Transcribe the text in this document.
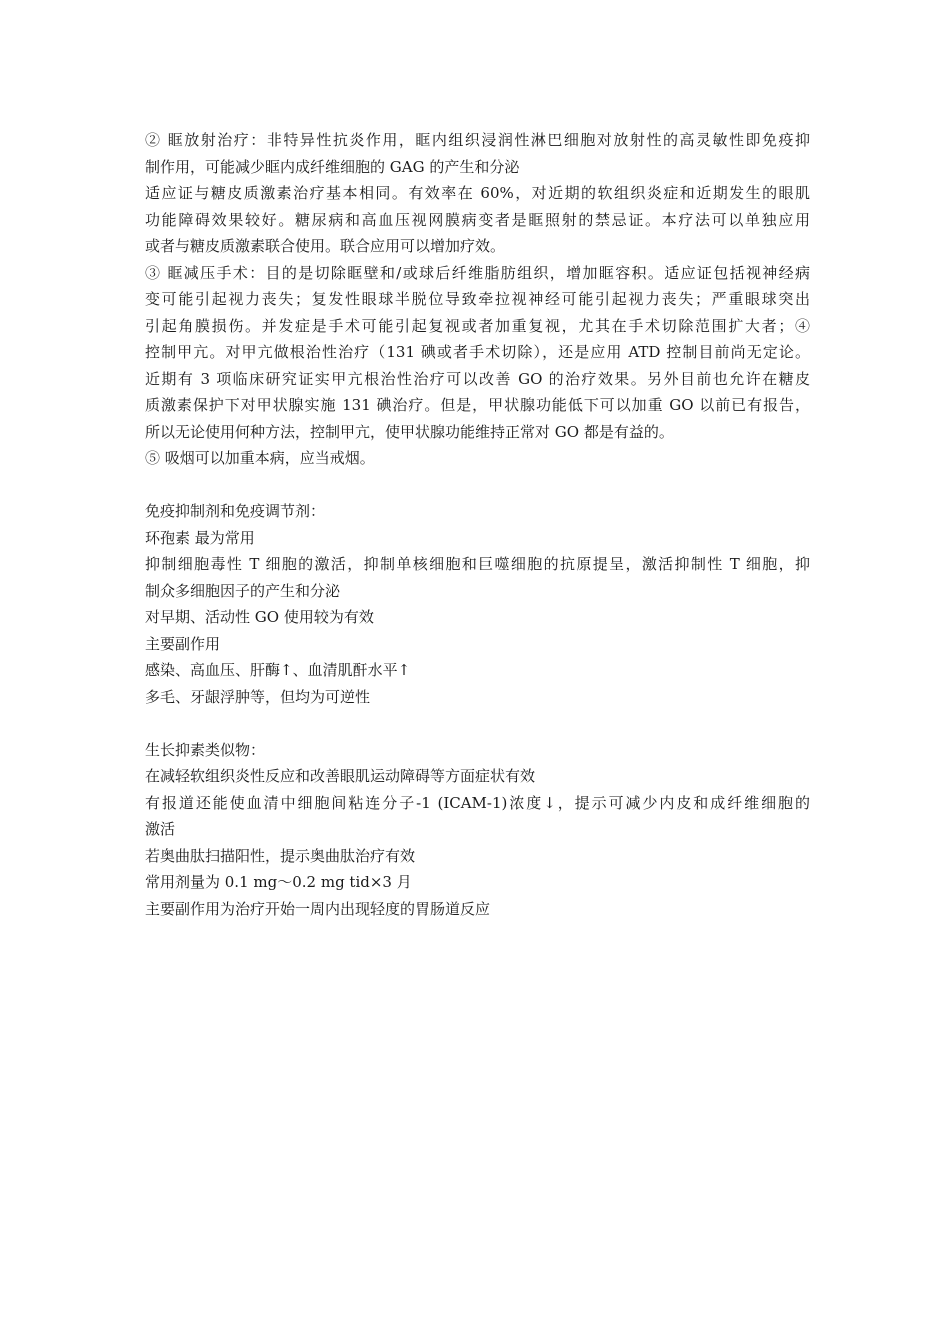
② 眶放射治疗：非特异性抗炎作用，眶内组织浸润性淋巴细胞对放射性的高灵敏性即免疫抑
制作用，可能减少眶内成纤维细胞的 GAG 的产生和分泌
适应证与糖皮质激素治疗基本相同。有效率在 60%，对近期的软组织炎症和近期发生的眼肌
功能障碍效果较好。糖尿病和高血压视网膜病变者是眶照射的禁忌证。本疗法可以单独应用
或者与糖皮质激素联合使用。联合应用可以增加疗效。
③ 眶减压手术：目的是切除眶壁和/或球后纤维脂肪组织，增加眶容积。适应证包括视神经病
变可能引起视力丧失；复发性眼球半脱位导致牵拉视神经可能引起视力丧失；严重眼球突出
引起角膜损伤。并发症是手术可能引起复视或者加重复视，尤其在手术切除范围扩大者；④
控制甲亢。对甲亢做根治性治疗（131 碘或者手术切除），还是应用 ATD 控制目前尚无定论。
近期有 3 项临床研究证实甲亢根治性治疗可以改善 GO 的治疗效果。另外目前也允许在糖皮
质激素保护下对甲状腺实施 131 碘治疗。但是，甲状腺功能低下可以加重 GO 以前已有报告，
所以无论使用何种方法，控制甲亢，使甲状腺功能维持正常对 GO 都是有益的。
⑤ 吸烟可以加重本病，应当戒烟。
免疫抑制剂和免疫调节剂：
环孢素 最为常用
抑制细胞毒性 T 细胞的激活，抑制单核细胞和巨噬细胞的抗原提呈，激活抑制性 T 细胞，抑
制众多细胞因子的产生和分泌
对早期、活动性 GO 使用较为有效
主要副作用
感染、高血压、肝酶↑、血清肌酐水平↑
多毛、牙龈浮肿等，但均为可逆性
生长抑素类似物：
在减轻软组织炎性反应和改善眼肌运动障碍等方面症状有效
有报道还能使血清中细胞间粘连分子-1 (ICAM-1)浓度↓，提示可减少内皮和成纤维细胞的
激活
若奥曲肽扫描阳性，提示奥曲肽治疗有效
常用剂量为 0.1 mg～0.2 mg tid×3 月
主要副作用为治疗开始一周内出现轻度的胃肠道反应
